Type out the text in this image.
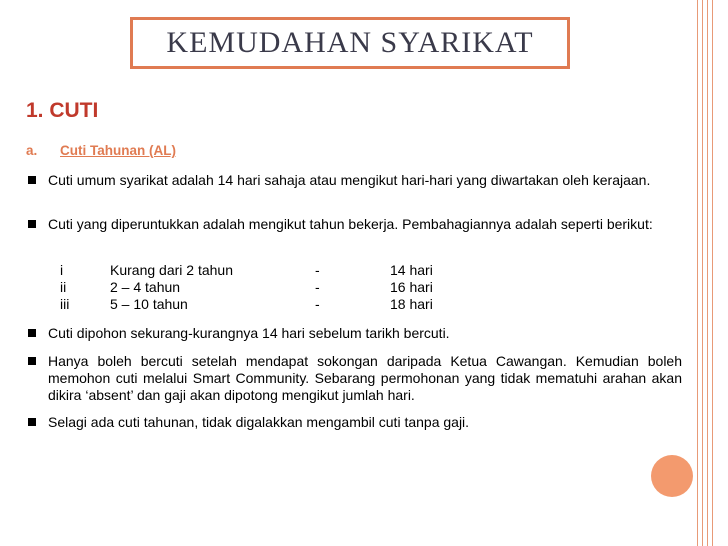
KEMUDAHAN SYARIKAT
1. CUTI
a. Cuti Tahunan (AL)
Cuti umum syarikat adalah 14 hari sahaja atau mengikut hari-hari yang diwartakan oleh kerajaan.
Cuti yang diperuntukkan adalah mengikut tahun bekerja. Pembahagiannya adalah seperti berikut:
i	Kurang dari 2 tahun	-	14 hari
ii	2 – 4 tahun	-	16 hari
iii	5 – 10 tahun	-	18 hari
Cuti dipohon sekurang-kurangnya 14 hari sebelum tarikh bercuti.
Hanya boleh bercuti setelah mendapat sokongan daripada Ketua Cawangan. Kemudian boleh memohon cuti melalui Smart Community. Sebarang permohonan yang tidak mematuhi arahan akan dikira ‘absent’ dan gaji akan dipotong mengikut jumlah hari.
Selagi ada cuti tahunan, tidak digalakkan mengambil cuti tanpa gaji.
